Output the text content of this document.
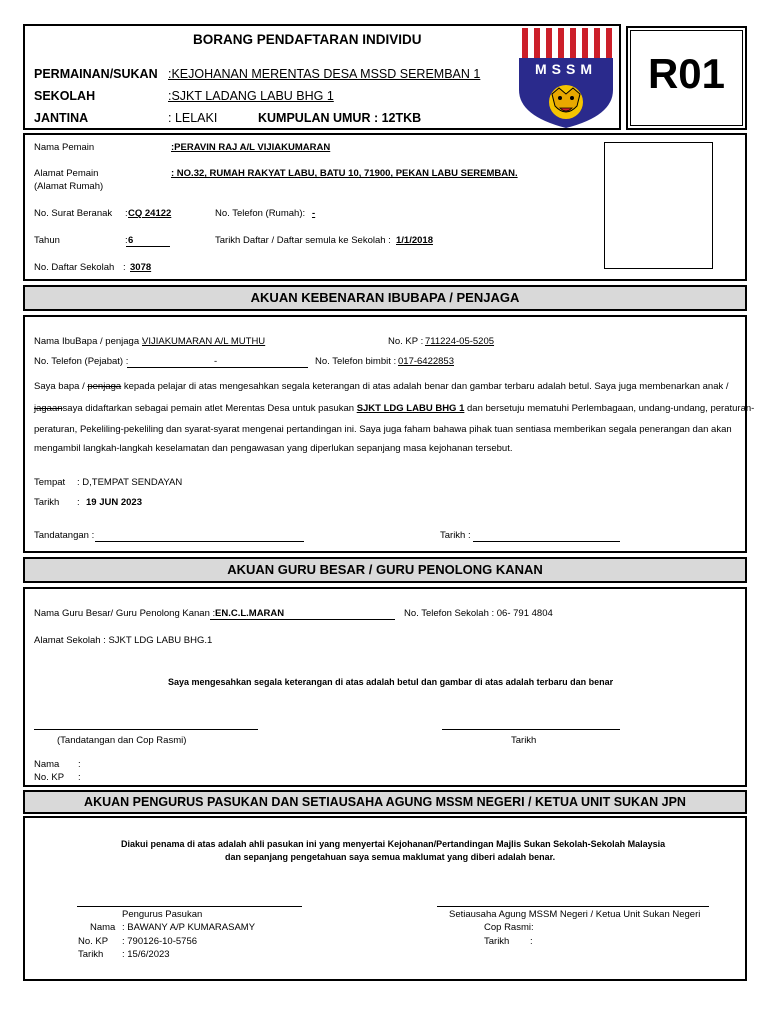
BORANG PENDAFTARAN INDIVIDU
PERMAINAN/SUKAN :KEJOHANAN MERENTAS DESA MSSD SEREMBAN 1
SEKOLAH	:SJKT LADANG LABU BHG 1
JANTINA	: LELAKI	KUMPULAN UMUR : 12TKB
MSSM	R01
Nama Pemain	:PERAVIN RAJ A/L VIJIAKUMARAN
Alamat Pemain
(Alamat Rumah)
: NO.32, RUMAH RAKYAT LABU, BATU 10, 71900, PEKAN LABU SEREMBAN.
No. Surat Beranak : CQ 24122	No. Telefon (Rumah): -
Tahun	: 6	Tarikh Daftar / Daftar semula ke Sekolah : 1/1/2018
No. Daftar Sekolah : 3078
AKUAN KEBENARAN IBUBAPA / PENJAGA
Nama IbuBapa / penjaga :
VIJIAKUMARAN A/L MUTHU	No. KP : 711224-05-5205
No. Telefon (Pejabat) :	-	No. Telefon bimbit : 017-6422853
Saya bapa / penjaga kepada pelajar di atas mengesahkan segala keterangan di atas adalah benar dan gambar terbaru adalah betul. Saya juga membenarkan anak /
jagaansaya didaftarkan sebagai pemain atlet Merentas Desa untuk pasukan SJKT LDG LABU BHG 1 dan bersetuju mematuhi Perlembagaan, undang-undang, peraturan-
peraturan, Pekeliling-pekeliling dan syarat-syarat mengenai pertandingan ini. Saya juga faham bahawa pihak tuan sentiasa memberikan segala penerangan dan akan
mengambil langkah-langkah keselamatan dan pengawasan yang diperlukan sepanjang masa kejohanan tersebut.
Tempat : D,TEMPAT SENDAYAN
Tarikh : 19 JUN 2023
Tandatangan :	Tarikh :
AKUAN GURU BESAR / GURU PENOLONG KANAN
Nama Guru Besar/ Guru Penolong Kanan : EN.C.L.MARAN	No. Telefon Sekolah : 06- 791 4804
Alamat Sekolah : SJKT LDG LABU BHG.1
Saya mengesahkan segala keterangan di atas adalah betul dan gambar di atas adalah terbaru dan benar
(Tandatangan dan Cop Rasmi)	Tarikh
Nama :
No. KP :
AKUAN PENGURUS PASUKAN DAN SETIAUSAHA AGUNG MSSM NEGERI / KETUA UNIT SUKAN JPN
Diakui penama di atas adalah ahli pasukan ini yang menyertai Kejohanan/Pertandingan Majlis Sukan Sekolah-Sekolah Malaysia
dan sepanjang pengetahuan saya semua maklumat yang diberi adalah benar.
Pengurus Pasukan
Nama : BAWANY A/P KUMARASAMY
No. KP : 790126-10-5756
Tarikh : 15/6/2023
Setiausaha Agung MSSM Negeri / Ketua Unit Sukan Negeri
Cop Rasmi:
Tarikh :
